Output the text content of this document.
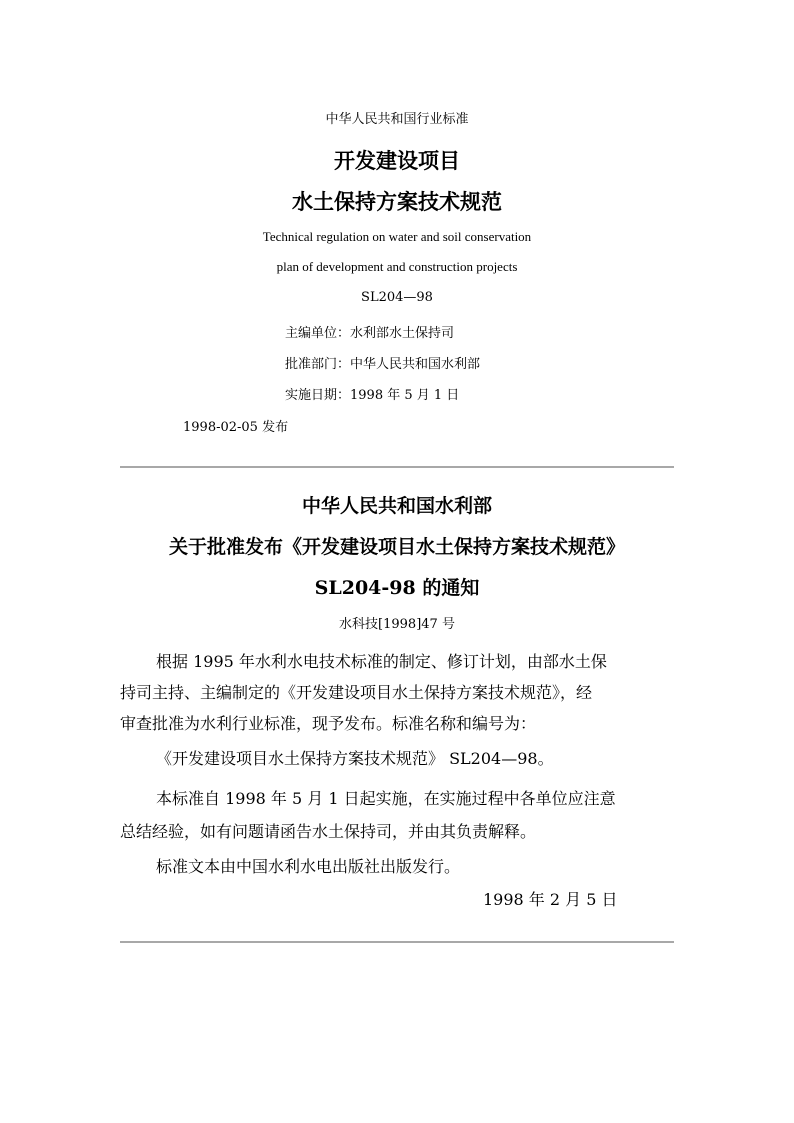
中华人民共和国行业标准
开发建设项目
水土保持方案技术规范
Technical regulation on water and soil conservation
plan of development and construction projects
SL204—98
主编单位：水利部水土保持司
批准部门：中华人民共和国水利部
实施日期：1998 年 5 月 1 日
1998-02-05 发布
中华人民共和国水利部
关于批准发布《开发建设项目水土保持方案技术规范》
SL204-98 的通知
水科技[1998]47 号
根据 1995 年水利水电技术标准的制定、修订计划，由部水土保
持司主持、主编制定的《开发建设项目水土保持方案技术规范》，经
审查批准为水利行业标准，现予发布。标准名称和编号为：
《开发建设项目水土保持方案技术规范》 SL204—98。
本标准自 1998 年 5 月 1 日起实施，在实施过程中各单位应注意
总结经验，如有问题请函告水土保持司，并由其负责解释。
标准文本由中国水利水电出版社出版发行。
1998 年 2 月 5 日
